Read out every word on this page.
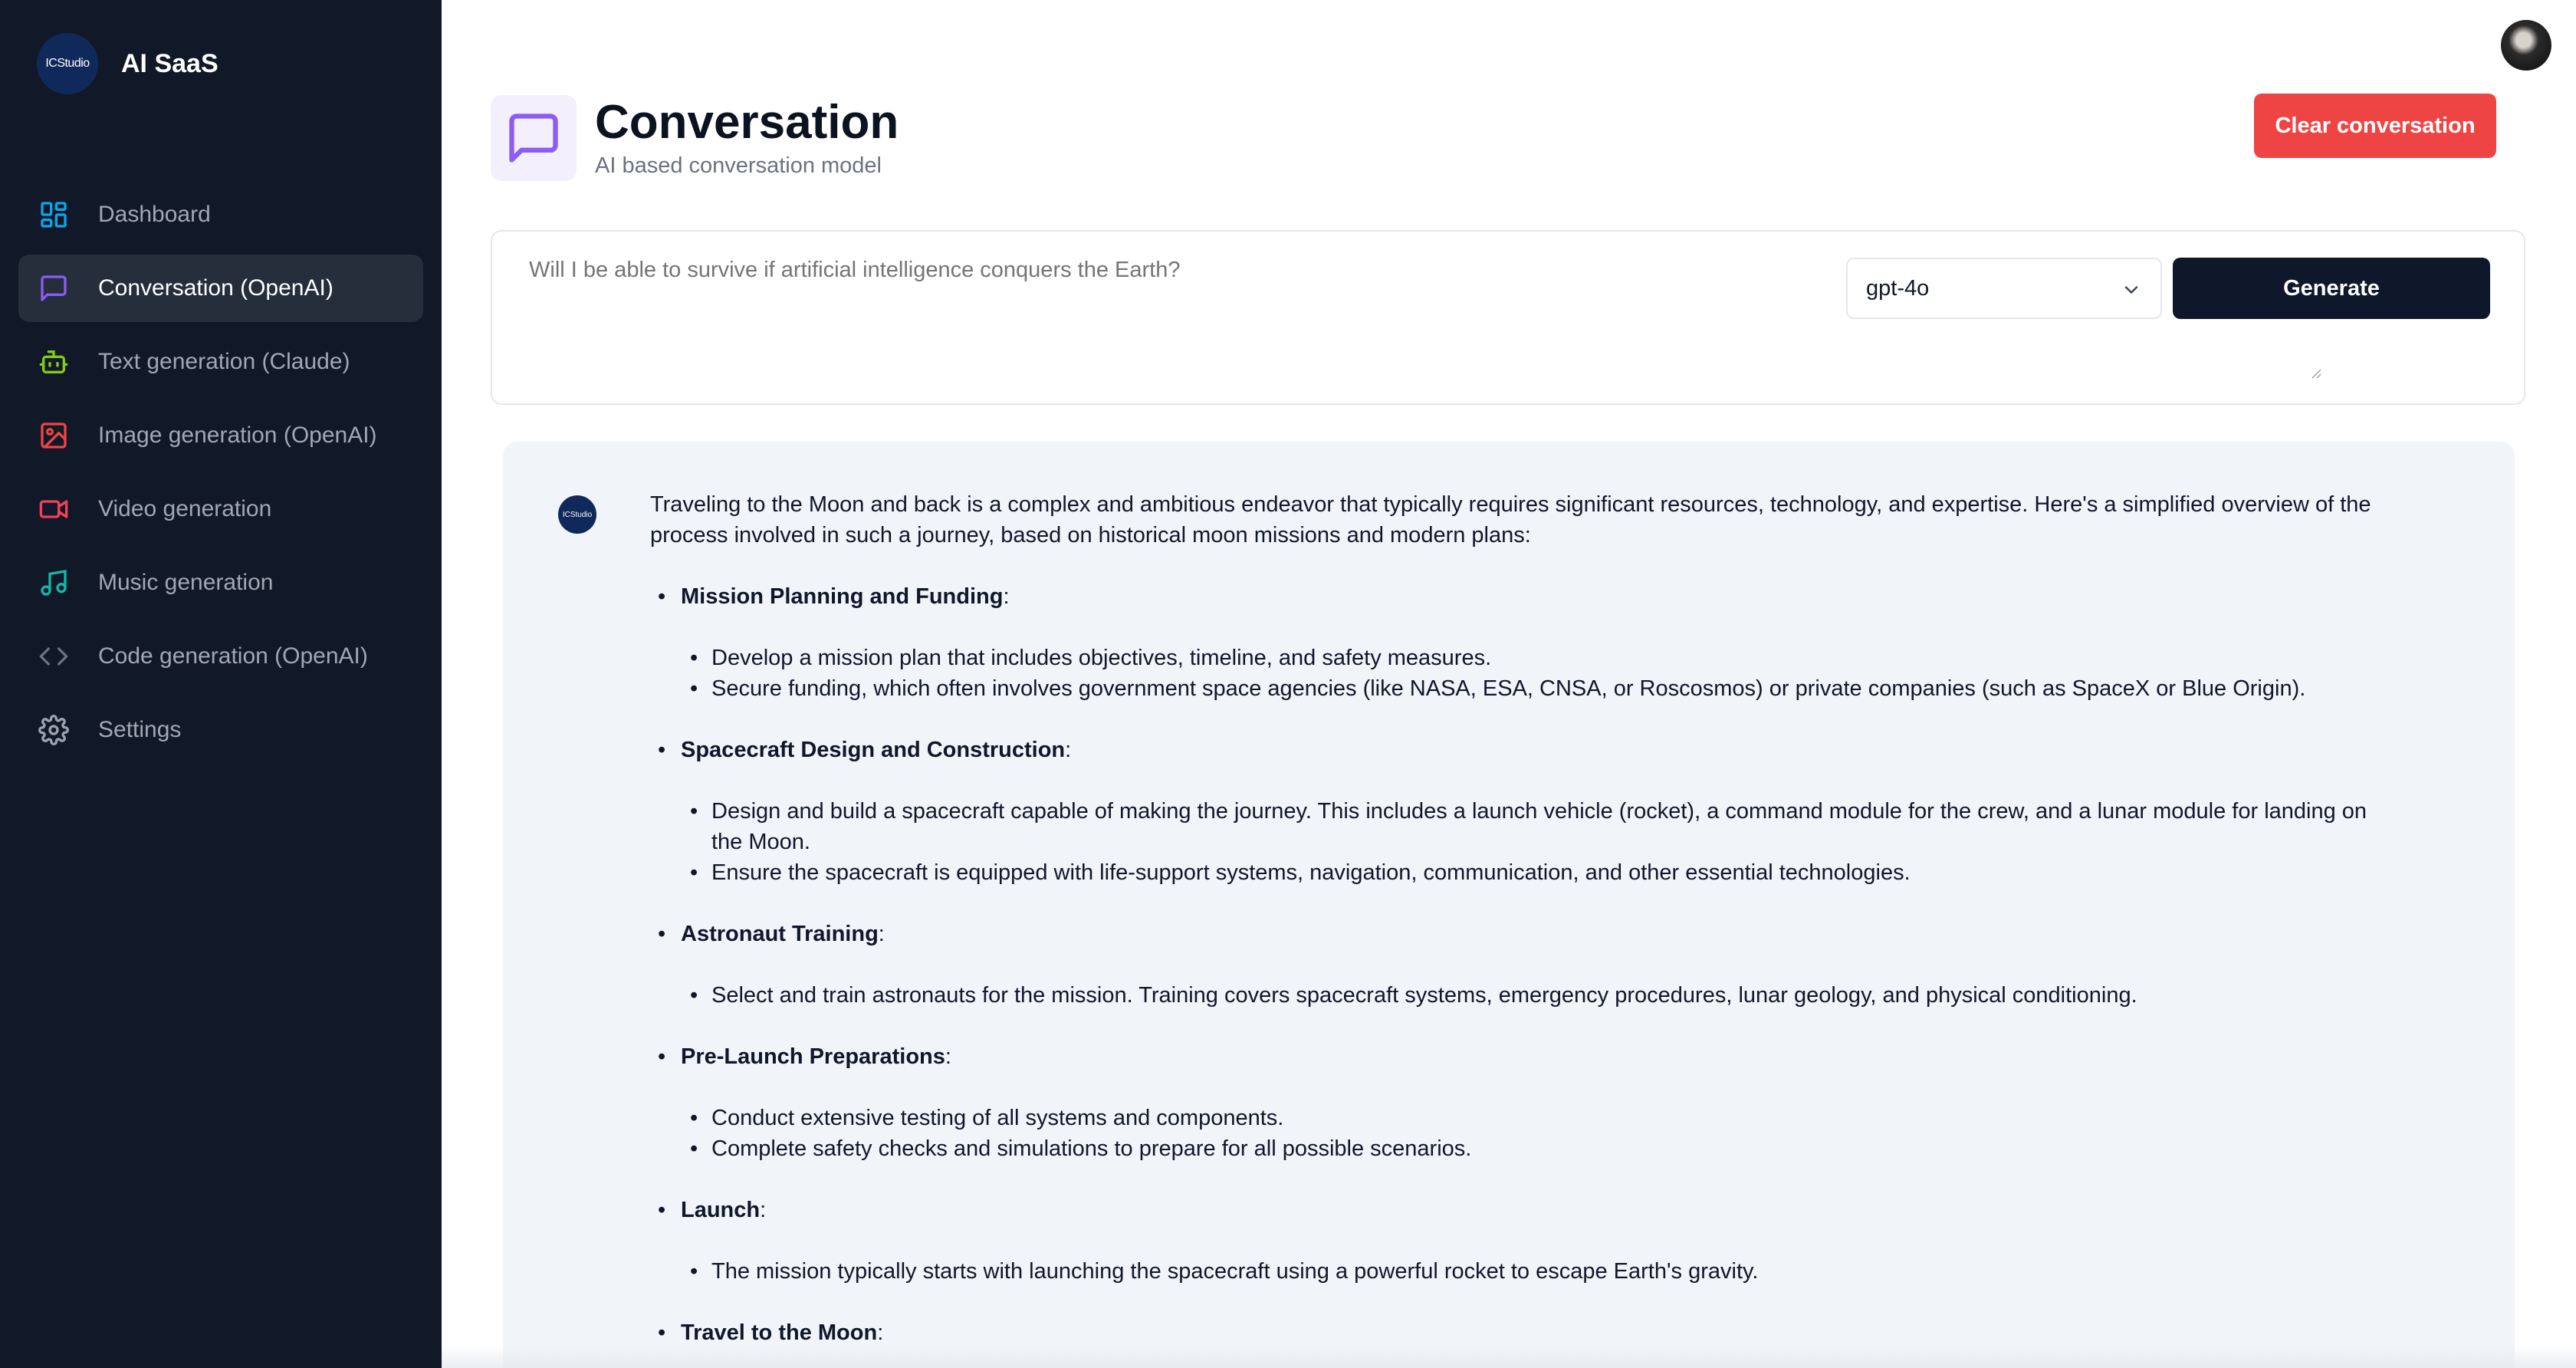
ICStudio	AI SaaS
Dashboard
Conversation (OpenAI)
Text generation (Claude)
Image generation (OpenAI)
Video generation
Music generation
Code generation (OpenAI)
Settings
Conversation
AI based conversation model
Clear conversation
Will I be able to survive if artificial intelligence conquers the Earth?
gpt-4o	Generate
ICStudio	Traveling to the Moon and back is a complex and ambitious endeavor that typically requires significant resources, technology, and expertise. Here's a simplified overview of the process involved in such a journey, based on historical moon missions and modern plans:

• Mission Planning and Funding:
• Develop a mission plan that includes objectives, timeline, and safety measures.
• Secure funding, which often involves government space agencies (like NASA, ESA, CNSA, or Roscosmos) or private companies (such as SpaceX or Blue Origin).
• Spacecraft Design and Construction:
• Design and build a spacecraft capable of making the journey. This includes a launch vehicle (rocket), a command module for the crew, and a lunar module for landing on the Moon.
• Ensure the spacecraft is equipped with life-support systems, navigation, communication, and other essential technologies.
• Astronaut Training:
• Select and train astronauts for the mission. Training covers spacecraft systems, emergency procedures, lunar geology, and physical conditioning.
• Pre-Launch Preparations:
• Conduct extensive testing of all systems and components.
• Complete safety checks and simulations to prepare for all possible scenarios.
• Launch:
• The mission typically starts with launching the spacecraft using a powerful rocket to escape Earth's gravity.
• Travel to the Moon:
